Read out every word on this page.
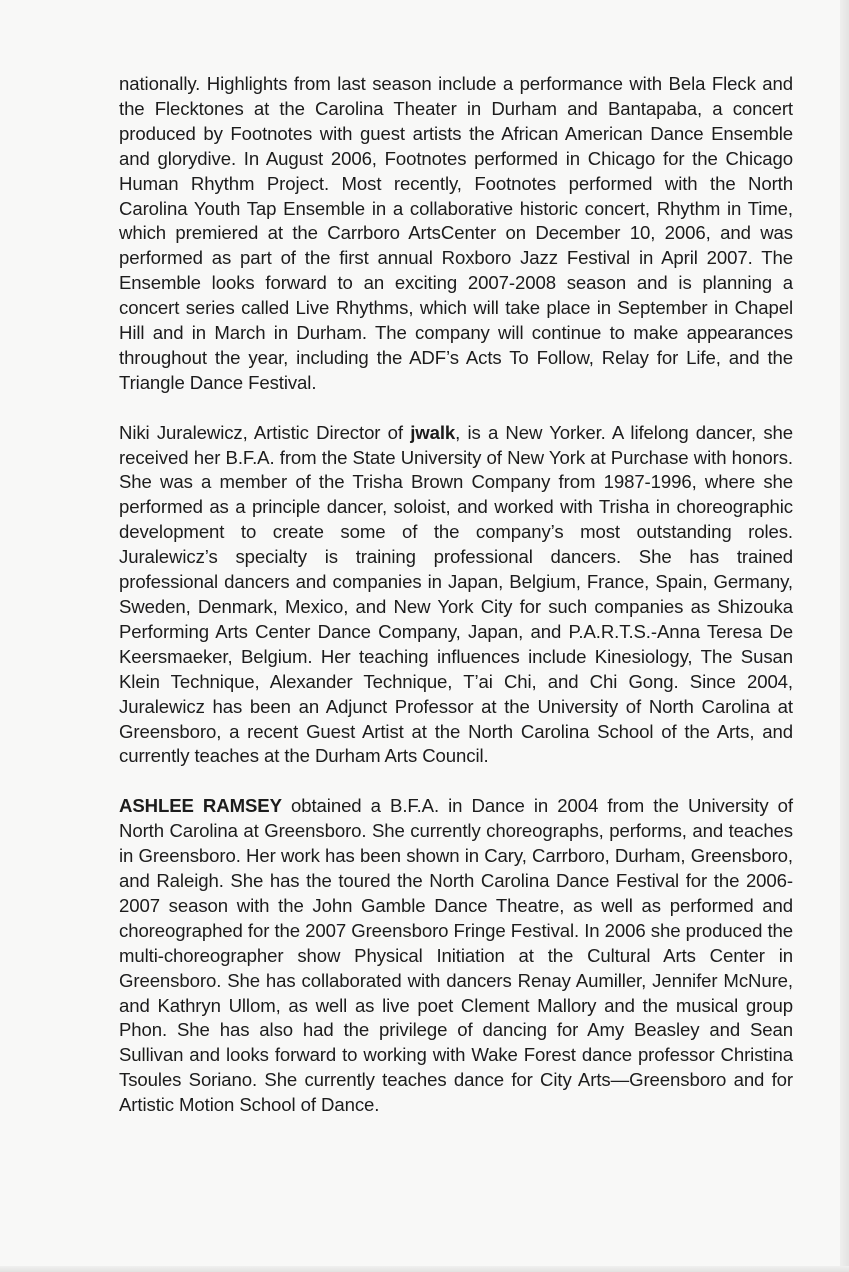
nationally. Highlights from last season include a performance with Bela Fleck and the Flecktones at the Carolina Theater in Durham and Bantapaba, a concert produced by Footnotes with guest artists the African American Dance Ensemble and glorydive. In August 2006, Footnotes performed in Chicago for the Chicago Human Rhythm Project. Most recently, Footnotes performed with the North Carolina Youth Tap Ensemble in a collaborative historic concert, Rhythm in Time, which premiered at the Carrboro ArtsCenter on December 10, 2006, and was performed as part of the first annual Roxboro Jazz Festival in April 2007. The Ensemble looks forward to an exciting 2007-2008 season and is planning a concert series called Live Rhythms, which will take place in September in Chapel Hill and in March in Durham. The company will continue to make appearances throughout the year, including the ADF’s Acts To Follow, Relay for Life, and the Triangle Dance Festival.

Niki Juralewicz, Artistic Director of jwalk, is a New Yorker. A lifelong dancer, she received her B.F.A. from the State University of New York at Purchase with honors. She was a member of the Trisha Brown Company from 1987-1996, where she performed as a principle dancer, soloist, and worked with Trisha in choreographic development to create some of the company’s most outstanding roles. Juralewicz’s specialty is training professional dancers. She has trained professional dancers and companies in Japan, Belgium, France, Spain, Germany, Sweden, Denmark, Mexico, and New York City for such companies as Shizouka Performing Arts Center Dance Company, Japan, and P.A.R.T.S.-Anna Teresa De Keersmaeker, Belgium. Her teaching influences include Kinesiology, The Susan Klein Technique, Alexander Technique, T’ai Chi, and Chi Gong. Since 2004, Juralewicz has been an Adjunct Professor at the University of North Carolina at Greensboro, a recent Guest Artist at the North Carolina School of the Arts, and currently teaches at the Durham Arts Council.

ASHLEE RAMSEY obtained a B.F.A. in Dance in 2004 from the University of North Carolina at Greensboro. She currently choreographs, performs, and teaches in Greensboro. Her work has been shown in Cary, Carrboro, Durham, Greensboro, and Raleigh. She has the toured the North Carolina Dance Festival for the 2006-2007 season with the John Gamble Dance Theatre, as well as performed and choreographed for the 2007 Greensboro Fringe Festival. In 2006 she produced the multi-choreographer show Physical Initiation at the Cultural Arts Center in Greensboro. She has collaborated with dancers Renay Aumiller, Jennifer McNure, and Kathryn Ullom, as well as live poet Clement Mallory and the musical group Phon. She has also had the privilege of dancing for Amy Beasley and Sean Sullivan and looks forward to working with Wake Forest dance professor Christina Tsoules Soriano. She currently teaches dance for City Arts—Greensboro and for Artistic Motion School of Dance.
